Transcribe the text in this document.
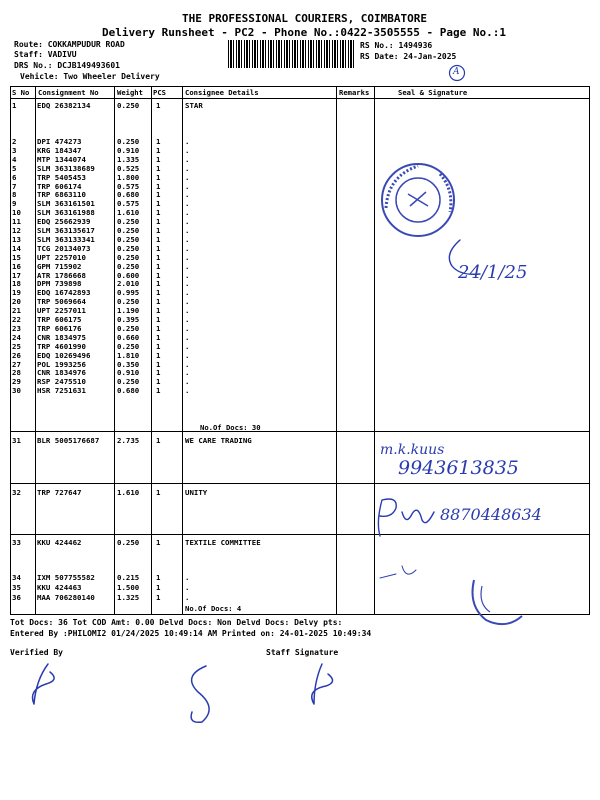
THE PROFESSIONAL COURIERS, COIMBATORE
Delivery Runsheet - PC2 - Phone No.:0422-3505555 - Page No.:1
Route: COKKAMPUDUR ROAD
Staff: VADIVU
DRS No.: DCJB149493601
Vehicle: Two Wheeler Delivery
RS No.: 1494936
RS Date: 24-Jan-2025
A
S No Consignment No	Weight PCS	Consignee Details	Remarks	Seal & Signature
1	EDQ 26382134	0.250 1	STAR
2	DPI 474273	0.250 1	.
3	KRG 184347	0.910 1	.
4	MTP 1344074	1.335 1	.
5	SLM 363138689	0.525 1	.
6	TRP 5405453	1.800 1	.
7	TRP 606174	0.575 1	.
8	TRP 6863110	0.680 1	.
9	SLM 363161501	0.575 1	.
10 SLM 363161988	1.610 1	.
11 EDQ 25662939	0.250 1	.
12 SLM 363135617	0.250 1	.
13 SLM 363133341	0.250 1	.
14 TCG 20134073	0.250 1	.
15 UPT 2257010	0.250 1	.
16 GPM 715902	0.250 1	.
17 ATR 1786668	0.600 1	.
18 DPM 739898	2.010 1	.
19 EDQ 16742893	0.995 1	.
20 TRP 5069664	0.250 1	.
21 UPT 2257011	1.190 1	.
22 TRP 606175	0.395 1	.
23 TRP 606176	0.250 1	.
24 CNR 1834975	0.660 1	.
25 TRP 4601990	0.250 1	.
26 EDQ 10269496	1.810 1	.
27 POL 1993256	0.350 1	.
28 CNR 1834976	0.910 1	.
29 RSP 2475510	0.250 1	.
30 HSR 7251631	0.680 1	.
31 BLR 5005176687 2.735 1	WE CARE TRADING
32 TRP 727647	1.610 1	UNITY
33 KKU 424462	0.250 1	TEXTILE COMMITTEE
34 IXM 507755582	0.215 1	.
35 KKU 424463	1.500 1	.
36 MAA 706280140	1.325 1	.
No.Of Docs: 30
No.Of Docs: 4
Tot Docs: 36 Tot COD Amt: 0.00 Delvd Docs: Non Delvd Docs: Delvy pts:
Entered By :PHILOMI2 01/24/2025 10:49:14 AM Printed on: 24-01-2025 10:49:34
Verified By	Staff Signature
24/1/25
m.k.kuus
9943613835
8870448634
